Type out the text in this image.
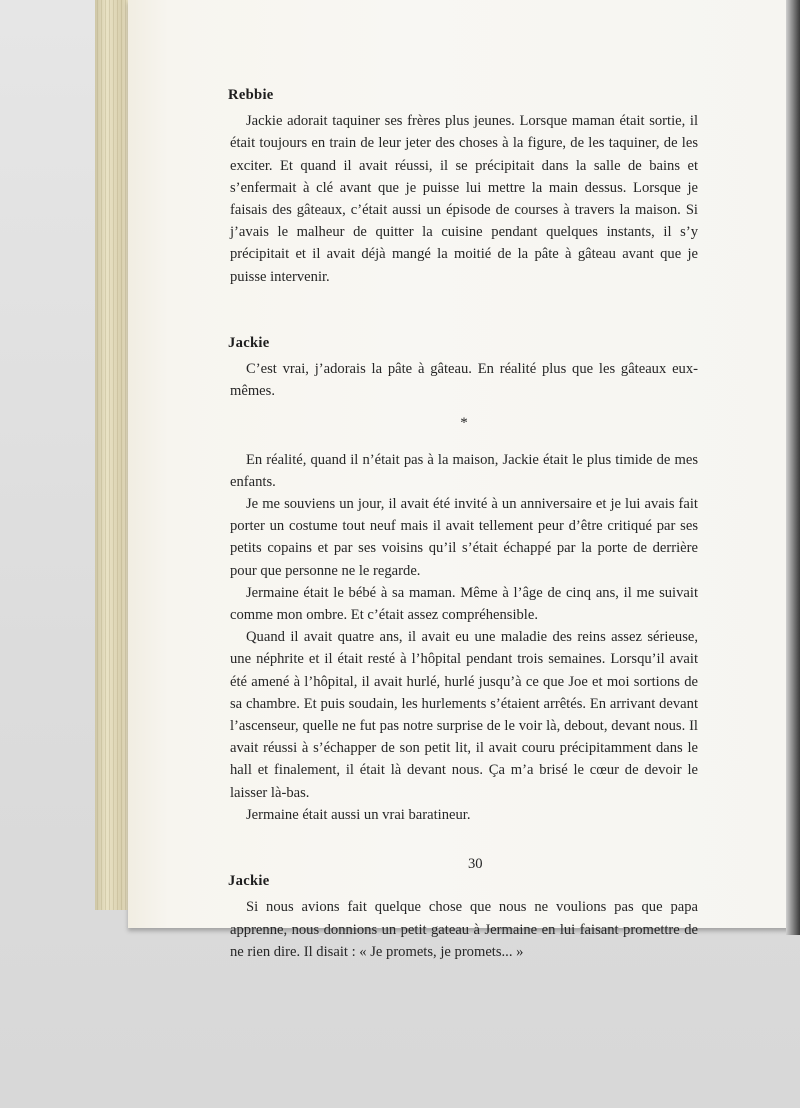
Rebbie

Jackie adorait taquiner ses frères plus jeunes. Lorsque maman était sortie, il était toujours en train de leur jeter des choses à la figure, de les taquiner, de les exciter. Et quand il avait réussi, il se précipitait dans la salle de bains et s’enfermait à clé avant que je puisse lui mettre la main dessus. Lorsque je faisais des gâteaux, c’était aussi un épisode de courses à travers la maison. Si j’avais le malheur de quitter la cuisine pendant quelques instants, il s’y précipitait et il avait déjà mangé la moitié de la pâte à gâteau avant que je puisse intervenir.

Jackie

C’est vrai, j’adorais la pâte à gâteau. En réalité plus que les gâteaux eux-mêmes.

*

En réalité, quand il n’était pas à la maison, Jackie était le plus timide de mes enfants.

Je me souviens un jour, il avait été invité à un anniversaire et je lui avais fait porter un costume tout neuf mais il avait tellement peur d’être critiqué par ses petits copains et par ses voisins qu’il s’était échappé par la porte de derrière pour que personne ne le regarde.

Jermaine était le bébé à sa maman. Même à l’âge de cinq ans, il me suivait comme mon ombre. Et c’était assez compréhensible.

Quand il avait quatre ans, il avait eu une maladie des reins assez sérieuse, une néphrite et il était resté à l’hôpital pendant trois semaines. Lorsqu’il avait été amené à l’hôpital, il avait hurlé, hurlé jusqu’à ce que Joe et moi sortions de sa chambre. Et puis soudain, les hurlements s’étaient arrêtés. En arrivant devant l’ascenseur, quelle ne fut pas notre surprise de le voir là, debout, devant nous. Il avait réussi à s’échapper de son petit lit, il avait couru précipitamment dans le hall et finalement, il était là devant nous. Ça m’a brisé le cœur de devoir le laisser là-bas.

Jermaine était aussi un vrai baratineur.

Jackie

Si nous avions fait quelque chose que nous ne voulions pas que papa apprenne, nous donnions un petit gateau à Jermaine en lui faisant promettre de ne rien dire. Il disait : « Je promets, je promets... »

30
